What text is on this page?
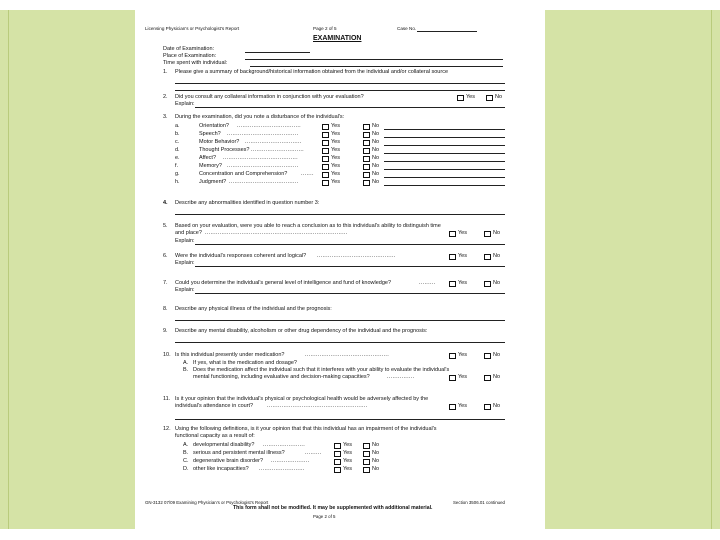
Licensing Physician's or Psychologist's Report	Page 2 of 5	Case No.
EXAMINATION
Date of Examination:
Place of Examination:
Time spent with individual:
1. Please give a summary of background/historical information obtained from the individual and/or collateral source
2. Did you consult any collateral information in conjunction with your evaluation?	Yes	No
Explain:
3. During the examination, did you note a disturbance of the individual's:
a.	Orientation? ...................................	Yes	No
b.	Speech? .......................................	Yes	No
c.	Motor Behavior? ...............................	Yes	No
d.	Thought Processes? .............................	Yes	No
e.	Affect? .........................................	Yes	No
f.	Memory? .......................................	Yes	No
g.	Concentration and Comprehension? .......	Yes	No
h.	Judgment? ......................................	Yes	No
4. Describe any abnormalities identified in question number 3:
5. Based on your evaluation, were you able to reach a conclusion as to this individual's ability to distinguish time
and place? ..............................................................................	Yes	No
Explain:
6. Were the individual's responses coherent and logical? ...........................................	Yes	No
Explain:
7. Could you determine the individual's general level of intelligence and fund of knowledge?	.........	Yes	No
Explain:
8. Describe any physical illness of the individual and the prognosis:
9. Describe any mental disability, alcoholism or other drug dependency of the individual and the prognosis:
10. Is this individual presently under medication?	..............................................	Yes	No
A. If yes, what is the medication and dosage?
B. Does the medication affect the individual such that it interferes with your ability to evaluate the individual's
mental functioning, including evaluative and decision-making capacities?	...............	Yes	No
11. Is it your opinion that the individual's physical or psychological health would be adversely affected by the
individual's attendance in court?	.......................................................	Yes	No
12. Using the following definitions, is it your opinion that that this individual has an impairment of the individual's
functional capacity as a result of:
A. developmental disability? .......................	Yes	No
B. serious and persistent mental illness?	.........	Yes	No
C. degenerative brain disorder? .....................	Yes	No
D. other like incapacities? .........................	Yes	No
GN-3132 07/09 Examining Physician's or Psychologist's Report	Section 3506.01 continued
This form shall not be modified. It may be supplemented with additional material.
Page 2 of 5
